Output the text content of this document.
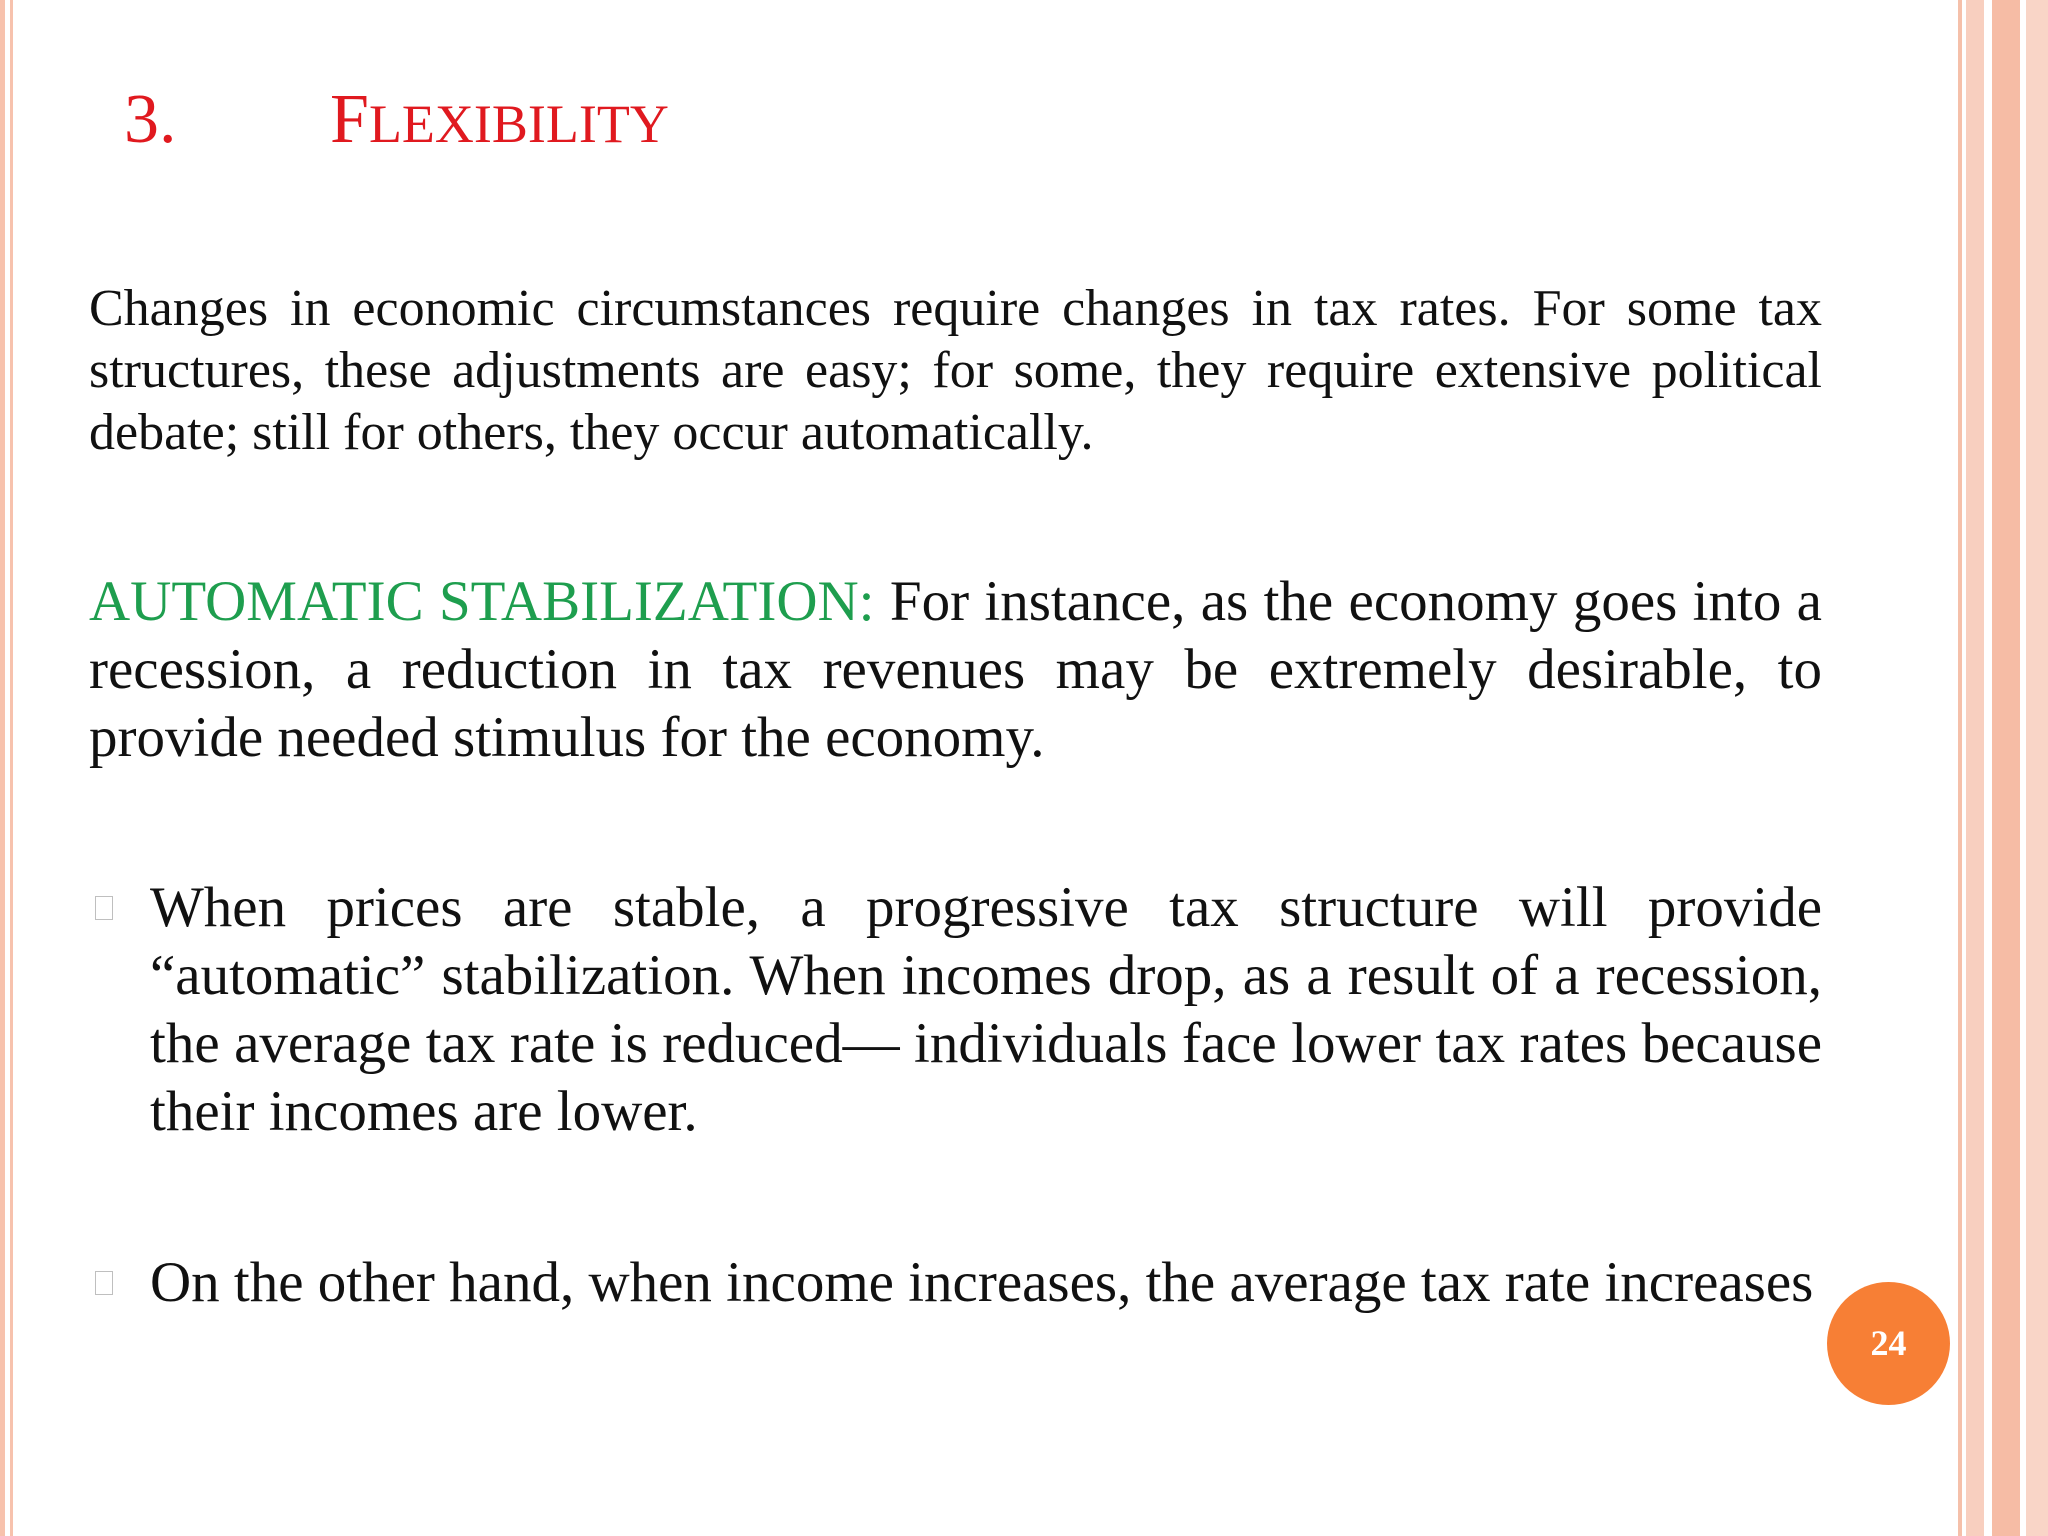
3. FLEXIBILITY
Changes in economic circumstances require changes in tax rates. For some tax structures, these adjustments are easy; for some, they require extensive political debate; still for others, they occur automatically.
AUTOMATIC STABILIZATION: For instance, as the economy goes into a recession, a reduction in tax revenues may be extremely desirable, to provide needed stimulus for the economy.
When prices are stable, a progressive tax structure will provide “automatic” stabilization. When incomes drop, as a result of a recession, the average tax rate is reduced— individuals face lower tax rates because their incomes are lower.
On the other hand, when income increases, the average tax rate increases
24
